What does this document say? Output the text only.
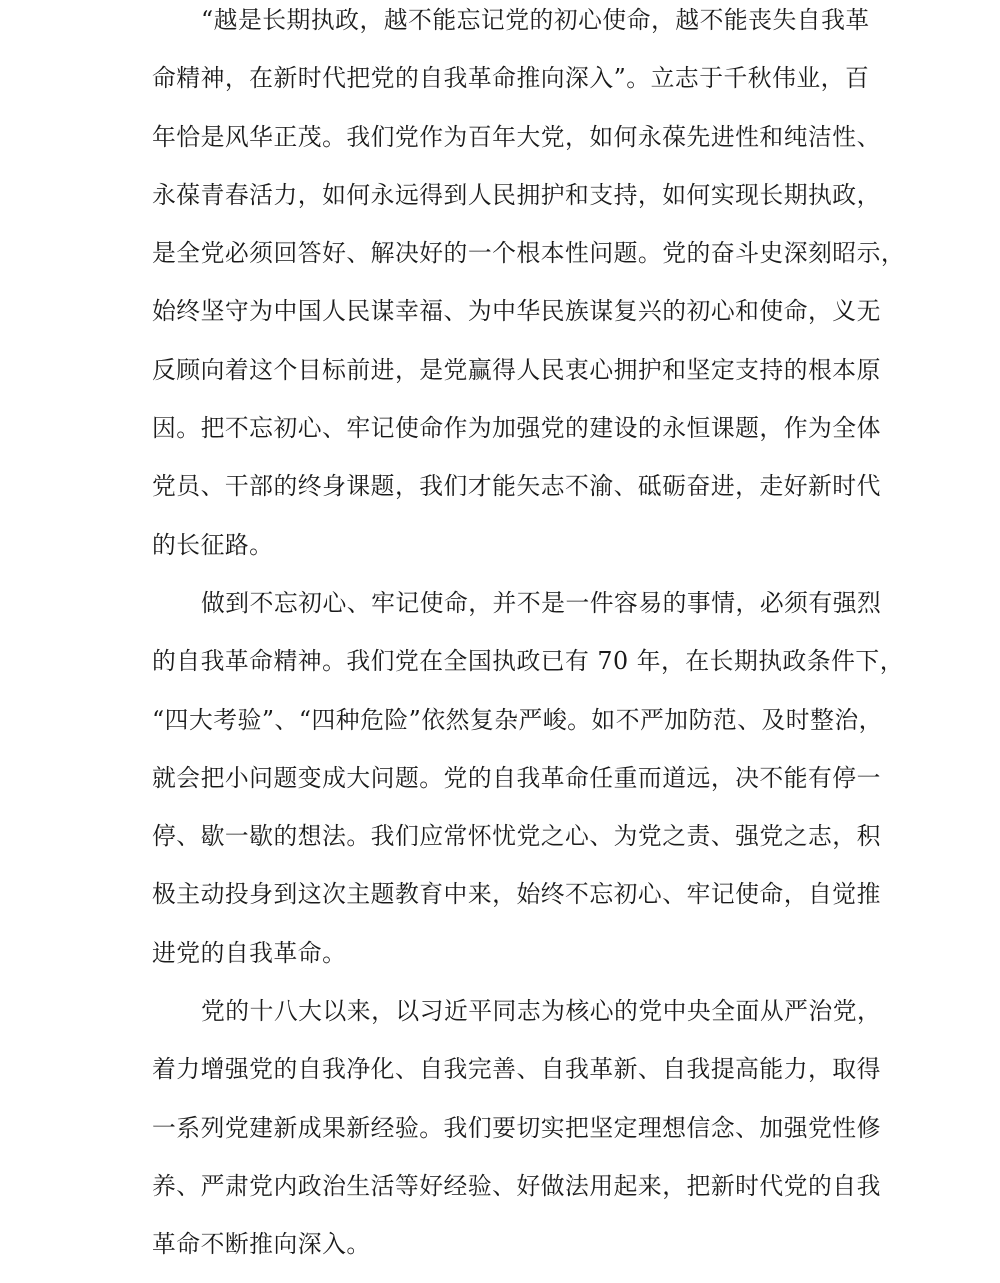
“越是长期执政，越不能忘记党的初心使命，越不能丧失自我革
命精神，在新时代把党的自我革命推向深入”。立志于千秋伟业，百
年恰是风华正茂。我们党作为百年大党，如何永葆先进性和纯洁性、
永葆青春活力，如何永远得到人民拥护和支持，如何实现长期执政，
是全党必须回答好、解决好的一个根本性问题。党的奋斗史深刻昭示，
始终坚守为中国人民谋幸福、为中华民族谋复兴的初心和使命，义无
反顾向着这个目标前进，是党赢得人民衷心拥护和坚定支持的根本原
因。把不忘初心、牢记使命作为加强党的建设的永恒课题，作为全体
党员、干部的终身课题，我们才能矢志不渝、砥砺奋进，走好新时代
的长征路。
做到不忘初心、牢记使命，并不是一件容易的事情，必须有强烈
的自我革命精神。我们党在全国执政已有 70 年，在长期执政条件下，
“四大考验”、“四种危险”依然复杂严峻。如不严加防范、及时整治，
就会把小问题变成大问题。党的自我革命任重而道远，决不能有停一
停、歇一歇的想法。我们应常怀忧党之心、为党之责、强党之志，积
极主动投身到这次主题教育中来，始终不忘初心、牢记使命，自觉推
进党的自我革命。
党的十八大以来，以习近平同志为核心的党中央全面从严治党，
着力增强党的自我净化、自我完善、自我革新、自我提高能力，取得
一系列党建新成果新经验。我们要切实把坚定理想信念、加强党性修
养、严肃党内政治生活等好经验、好做法用起来，把新时代党的自我
革命不断推向深入。
